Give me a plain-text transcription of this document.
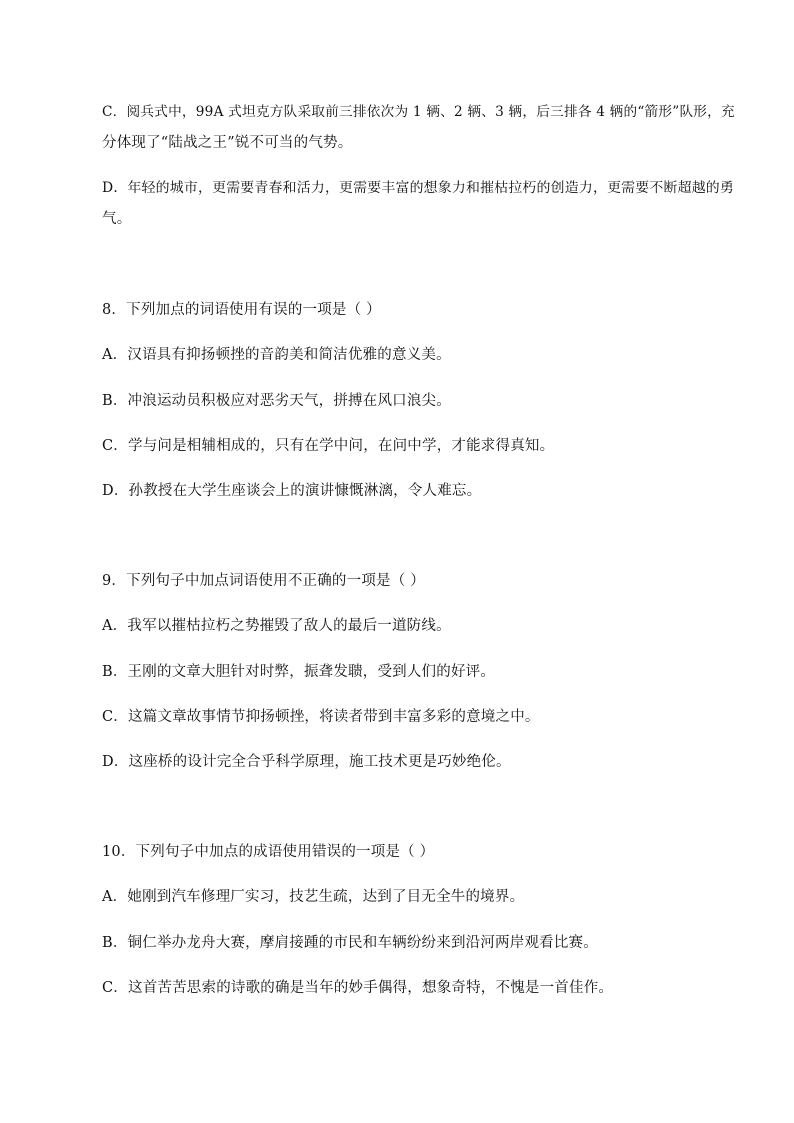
C．阅兵式中，99A 式坦克方队采取前三排依次为 1 辆、2 辆、3 辆，后三排各 4 辆的“箭形”队形，充
分体现了“陆战之王”锐不可当的气势。
D．年轻的城市，更需要青春和活力，更需要丰富的想象力和摧枯拉朽的创造力，更需要不断超越的勇
气。
8．下列加点的词语使用有误的一项是（ ）
A．汉语具有抑扬顿挫的音韵美和简洁优雅的意义美。
B．冲浪运动员积极应对恶劣天气，拼搏在风口浪尖。
C．学与问是相辅相成的，只有在学中问，在问中学，才能求得真知。
D．孙教授在大学生座谈会上的演讲慷慨淋漓，令人难忘。
9．下列句子中加点词语使用不正确的一项是（ ）
A．我军以摧枯拉朽之势摧毁了敌人的最后一道防线。
B．王刚的文章大胆针对时弊，振聋发聩，受到人们的好评。
C．这篇文章故事情节抑扬顿挫，将读者带到丰富多彩的意境之中。
D．这座桥的设计完全合乎科学原理，施工技术更是巧妙绝伦。
10．下列句子中加点的成语使用错误的一项是（ ）
A．她刚到汽车修理厂实习，技艺生疏，达到了目无全牛的境界。
B．铜仁举办龙舟大赛，摩肩接踵的市民和车辆纷纷来到沿河两岸观看比赛。
C．这首苦苦思索的诗歌的确是当年的妙手偶得，想象奇特，不愧是一首佳作。
